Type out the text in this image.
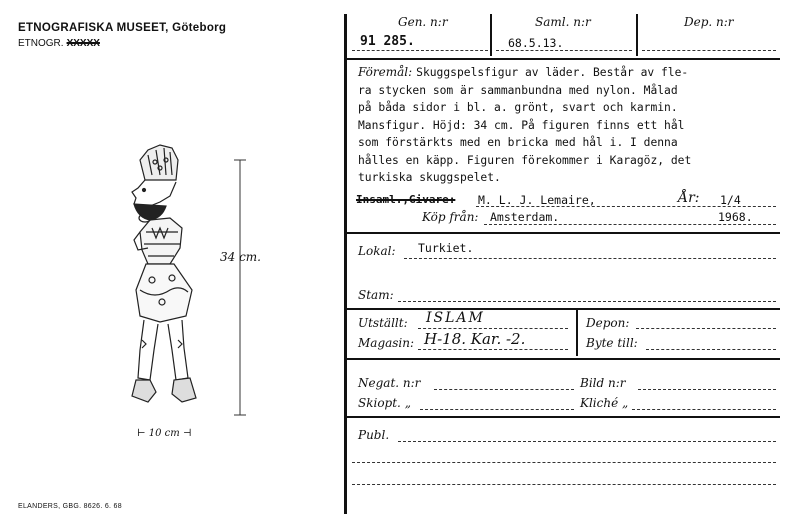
ETNOGRAFISKA MUSEET, Göteborg
ETNOGR. XXXXX
34 cm.
⊢ 10 cm ⊣
ELANDERS, GBG. 8626. 6. 68
Gen. n:r	Saml. n:r	Dep. n:r
91 285.	68.5.13.
Föremål: Skuggspelsfigur av läder. Består av fle-
ra stycken som är sammanbundna med nylon. Målad
på båda sidor i bl. a. grönt, svart och karmin.
Mansfigur. Höjd: 34 cm. På figuren finns ett hål
som förstärkts med en bricka med hål i. I denna
hålles en käpp. Figuren förekommer i Karagöz, det
turkiska skuggspelet.
Insaml.,Givare: M. L. J. Lemaire,	År: 1/4
Köp från: Amsterdam.	1968.
Lokal: Turkiet.
Stam:
Utställt: ISLAM
Magasin: H-18. Kar. -2.
Depon:
Byte till:
Negat. n:r	Bild n:r
Skiopt. „	Kliché „
Publ.
